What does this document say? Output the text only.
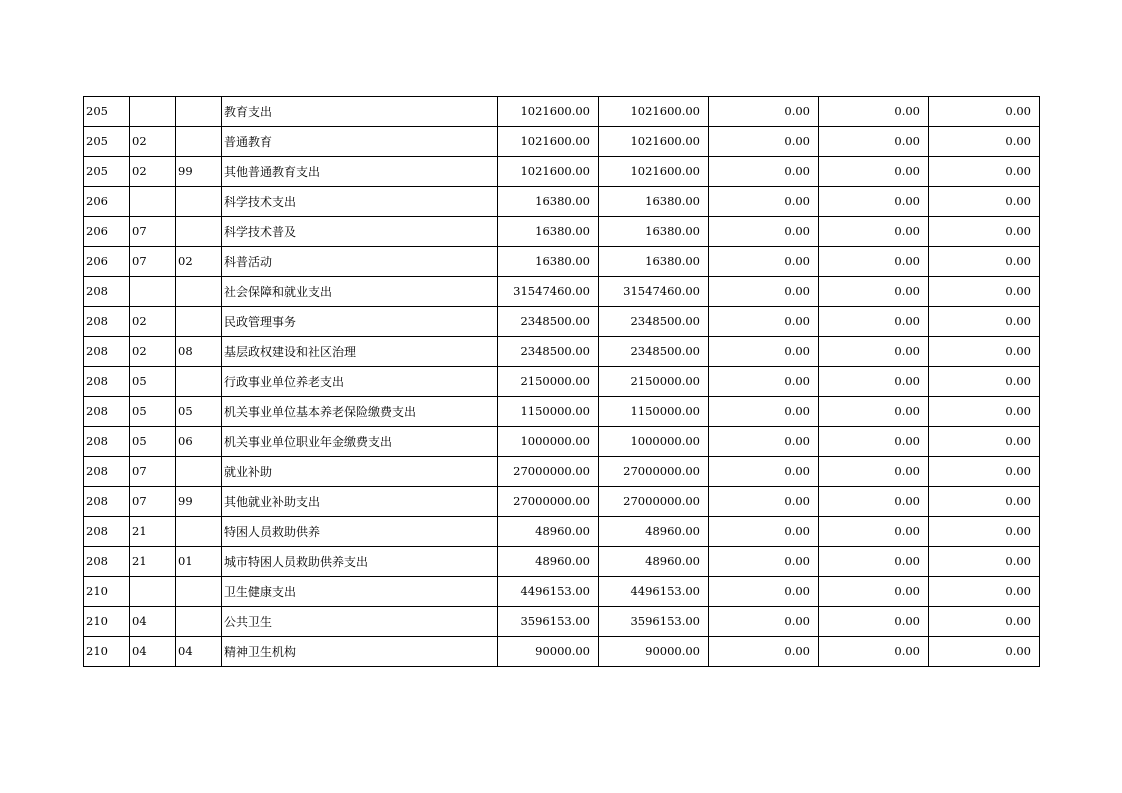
205			教育支出	1021600.00	1021600.00	0.00	0.00	0.00
205	02		普通教育	1021600.00	1021600.00	0.00	0.00	0.00
205	02	99	其他普通教育支出	1021600.00	1021600.00	0.00	0.00	0.00
206			科学技术支出	16380.00	16380.00	0.00	0.00	0.00
206	07		科学技术普及	16380.00	16380.00	0.00	0.00	0.00
206	07	02	科普活动	16380.00	16380.00	0.00	0.00	0.00
208			社会保障和就业支出	31547460.00	31547460.00	0.00	0.00	0.00
208	02		民政管理事务	2348500.00	2348500.00	0.00	0.00	0.00
208	02	08	基层政权建设和社区治理	2348500.00	2348500.00	0.00	0.00	0.00
208	05		行政事业单位养老支出	2150000.00	2150000.00	0.00	0.00	0.00
208	05	05	机关事业单位基本养老保险缴费支出	1150000.00	1150000.00	0.00	0.00	0.00
208	05	06	机关事业单位职业年金缴费支出	1000000.00	1000000.00	0.00	0.00	0.00
208	07		就业补助	27000000.00	27000000.00	0.00	0.00	0.00
208	07	99	其他就业补助支出	27000000.00	27000000.00	0.00	0.00	0.00
208	21		特困人员救助供养	48960.00	48960.00	0.00	0.00	0.00
208	21	01	城市特困人员救助供养支出	48960.00	48960.00	0.00	0.00	0.00
210			卫生健康支出	4496153.00	4496153.00	0.00	0.00	0.00
210	04		公共卫生	3596153.00	3596153.00	0.00	0.00	0.00
210	04	04	精神卫生机构	90000.00	90000.00	0.00	0.00	0.00
